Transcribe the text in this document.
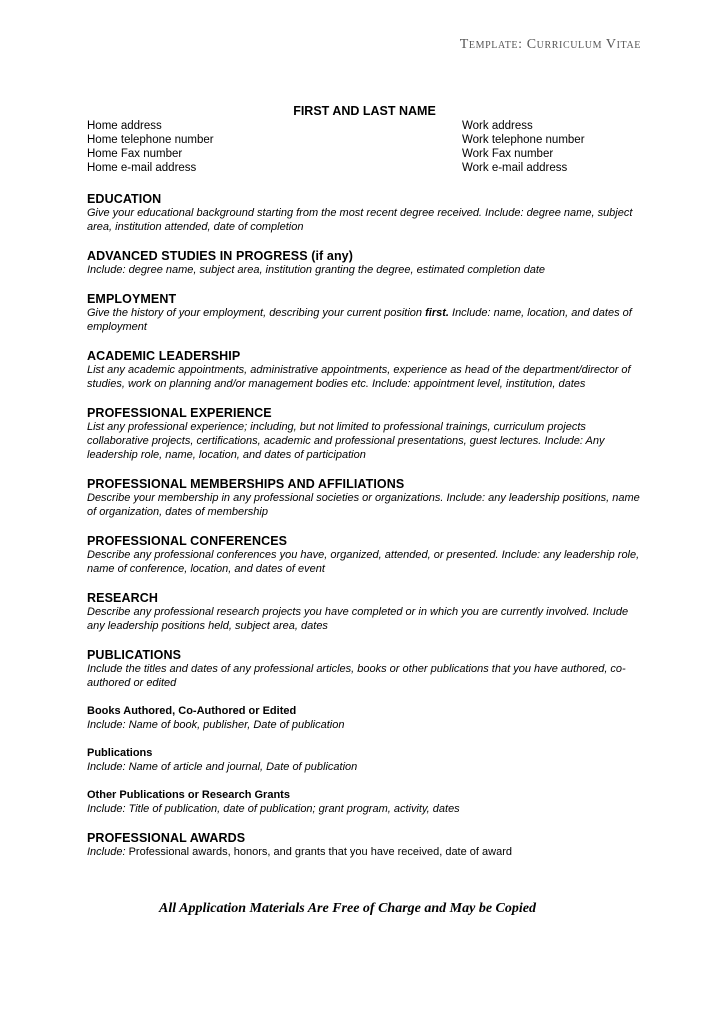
Template: Curriculum Vitae
FIRST AND LAST NAME
Home address
Home telephone number
Home Fax number
Home e-mail address
Work address
Work telephone number
Work Fax number
Work e-mail address
EDUCATION
Give your educational background starting from the most recent degree received. Include: degree name, subject area, institution attended, date of completion
ADVANCED STUDIES IN PROGRESS (if any)
Include: degree name, subject area, institution granting the degree, estimated completion date
EMPLOYMENT
Give the history of your employment, describing your current position first. Include: name, location, and dates of employment
ACADEMIC LEADERSHIP
List any academic appointments, administrative appointments, experience as head of the department/director of studies, work on planning and/or management bodies etc. Include: appointment level, institution, dates
PROFESSIONAL EXPERIENCE
List any professional experience; including, but not limited to professional trainings, curriculum projects collaborative projects, certifications, academic and professional presentations, guest lectures. Include: Any leadership role, name, location, and dates of participation
PROFESSIONAL MEMBERSHIPS AND AFFILIATIONS
Describe your membership in any professional societies or organizations. Include: any leadership positions, name of organization, dates of membership
PROFESSIONAL CONFERENCES
Describe any professional conferences you have, organized, attended, or presented. Include: any leadership role, name of conference, location, and dates of event
RESEARCH
Describe any professional research projects you have completed or in which you are currently involved. Include any leadership positions held, subject area, dates
PUBLICATIONS
Include the titles and dates of any professional articles, books or other publications that you have authored, co-authored or edited
Books Authored, Co-Authored or Edited
Include: Name of book, publisher, Date of publication
Publications
Include: Name of article and journal, Date of publication
Other Publications or Research Grants
Include: Title of publication, date of publication; grant program, activity, dates
PROFESSIONAL AWARDS
Include: Professional awards, honors, and grants that you have received, date of award
All Application Materials Are Free of Charge and May be Copied
